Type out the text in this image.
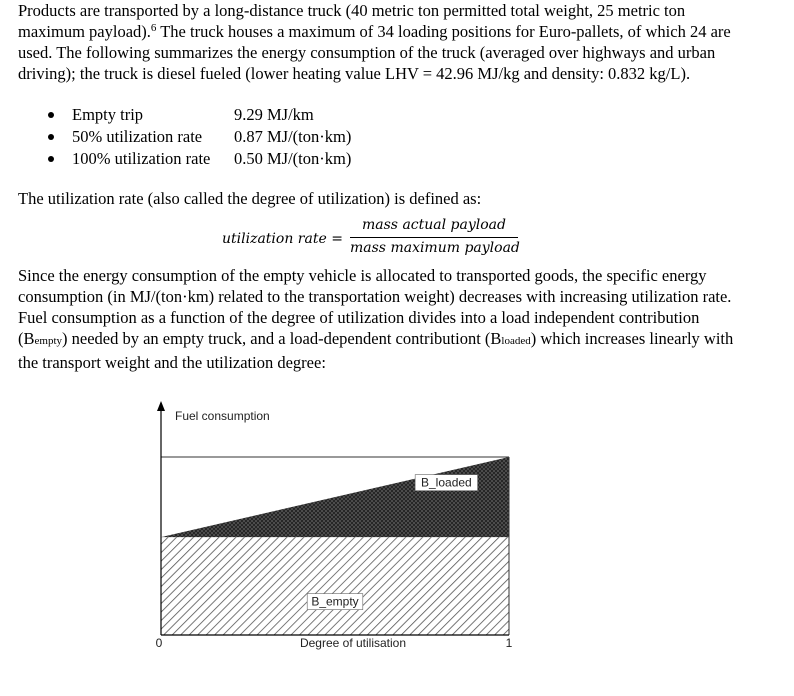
Products are transported by a long-distance truck (40 metric ton permitted total weight, 25 metric ton maximum payload).$^6$ The truck houses a maximum of 34 loading positions for Euro-pallets, of which 24 are used. The following summarizes the energy consumption of the truck (averaged over highways and urban driving); the truck is diesel fueled (lower heating value LHV = 42.96 MJ/kg and density: 0.832 kg/L).
Empty trip	9.29 MJ/km
50% utilization rate	0.87 MJ/(ton·km)
100% utilization rate	0.50 MJ/(ton·km)
The utilization rate (also called the degree of utilization) is defined as:
utilization rate =
mass actual payload
mass maximum payload
Since the energy consumption of the empty vehicle is allocated to transported goods, the specific energy consumption (in MJ/(ton·km) related to the transportation weight) decreases with increasing utilization rate. Fuel consumption as a function of the degree of utilization divides into a load independent contribution (Bempty) needed by an empty truck, and a load-dependent contributiont (Bloaded) which increases linearly with the transport weight and the utilization degree:
Fuel consumption
Degree of utilisation
0	1
B_loaded
B_empty
